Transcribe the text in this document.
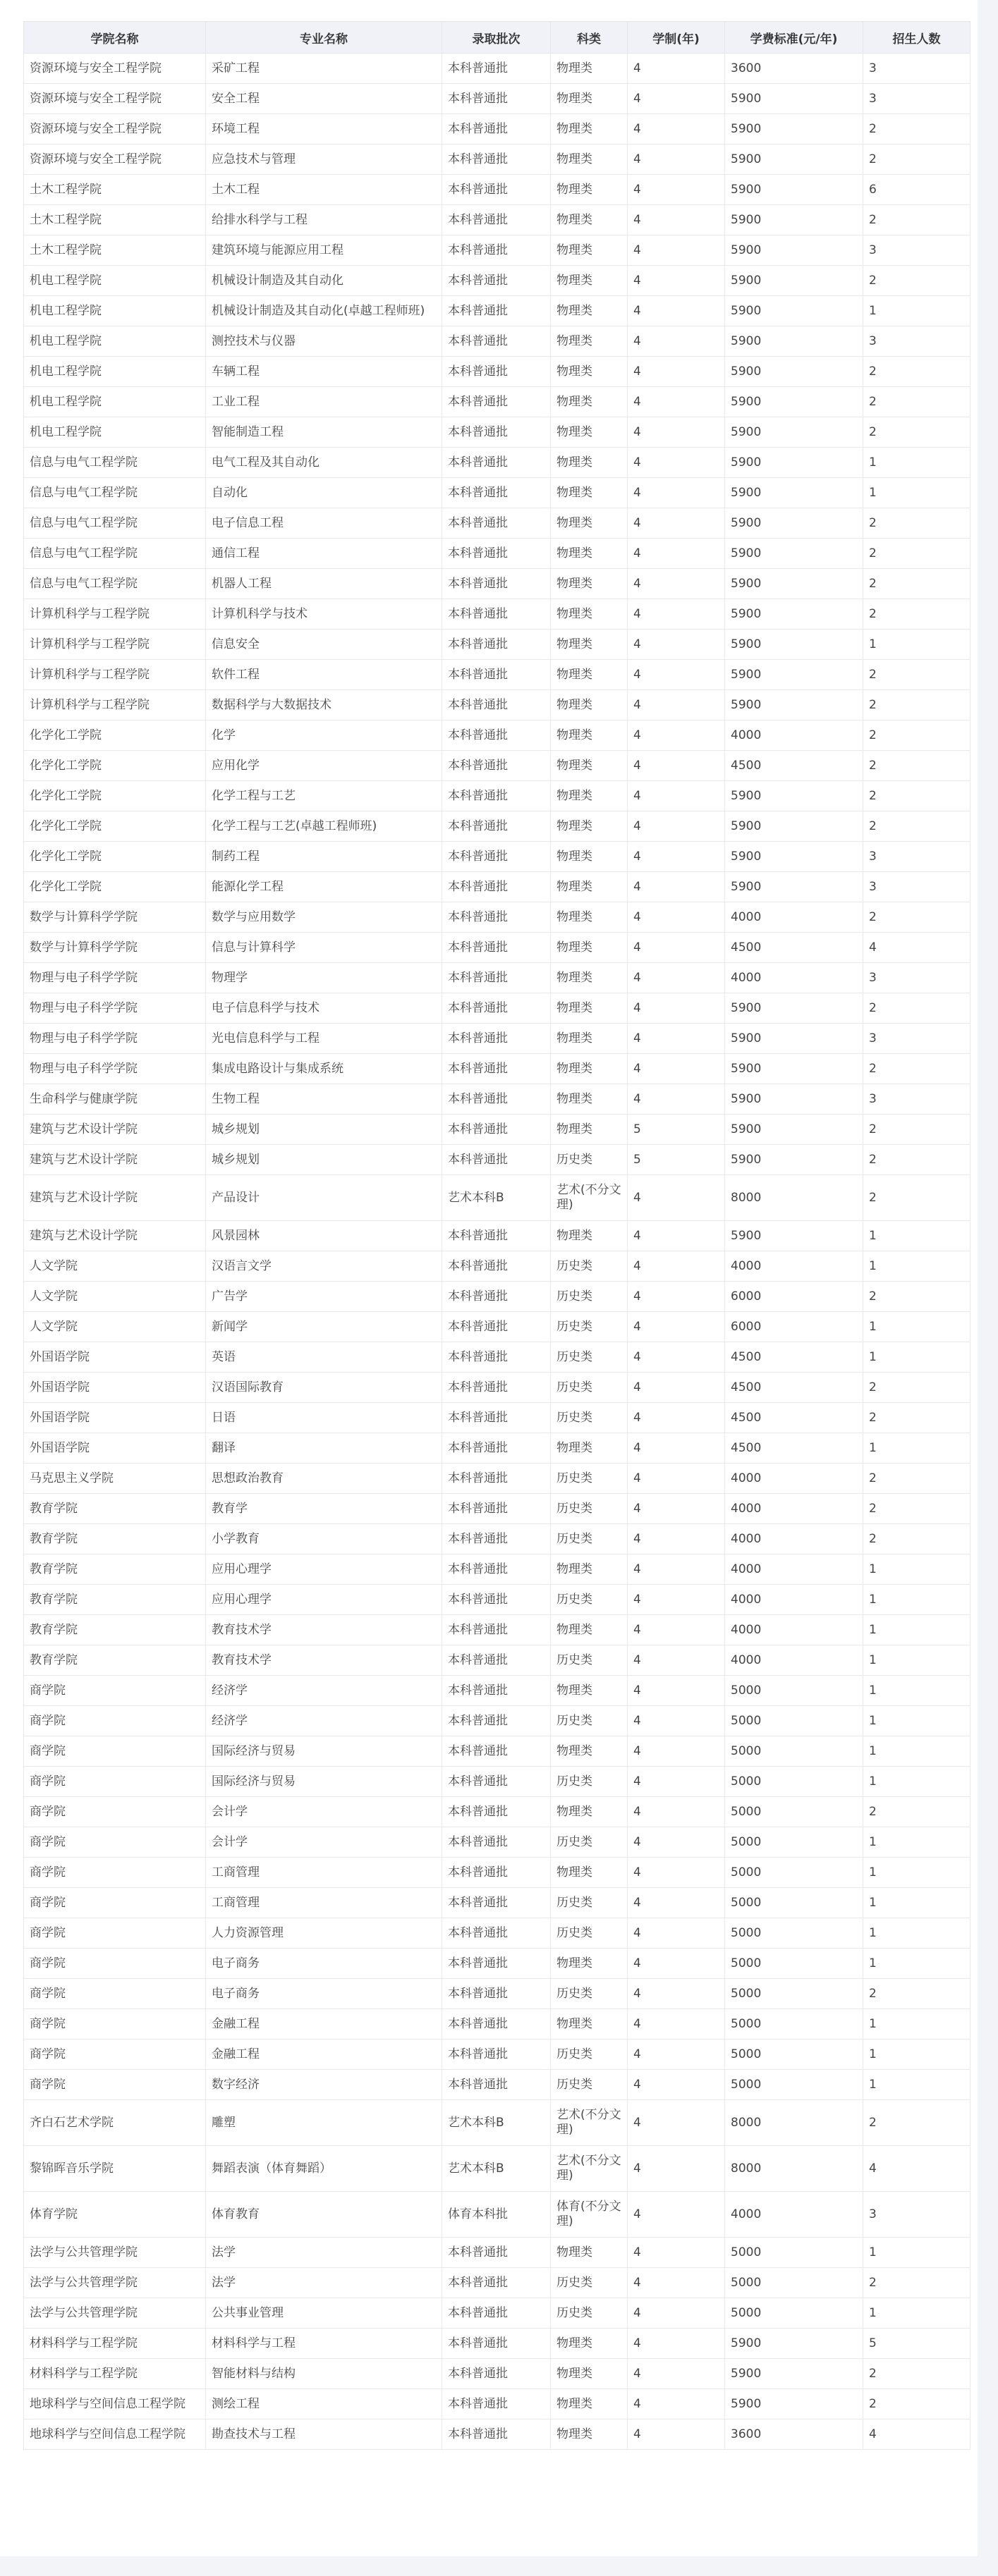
学院名称	专业名称	录取批次	科类	学制(年)	学费标准(元/年)	招生人数
资源环境与安全工程学院	采矿工程	本科普通批	物理类	4	3600	3
资源环境与安全工程学院	安全工程	本科普通批	物理类	4	5900	3
资源环境与安全工程学院	环境工程	本科普通批	物理类	4	5900	2
资源环境与安全工程学院	应急技术与管理	本科普通批	物理类	4	5900	2
土木工程学院	土木工程	本科普通批	物理类	4	5900	6
土木工程学院	给排水科学与工程	本科普通批	物理类	4	5900	2
土木工程学院	建筑环境与能源应用工程	本科普通批	物理类	4	5900	3
机电工程学院	机械设计制造及其自动化	本科普通批	物理类	4	5900	2
机电工程学院	机械设计制造及其自动化(卓越工程师班)	本科普通批	物理类	4	5900	1
机电工程学院	测控技术与仪器	本科普通批	物理类	4	5900	3
机电工程学院	车辆工程	本科普通批	物理类	4	5900	2
机电工程学院	工业工程	本科普通批	物理类	4	5900	2
机电工程学院	智能制造工程	本科普通批	物理类	4	5900	2
信息与电气工程学院	电气工程及其自动化	本科普通批	物理类	4	5900	1
信息与电气工程学院	自动化	本科普通批	物理类	4	5900	1
信息与电气工程学院	电子信息工程	本科普通批	物理类	4	5900	2
信息与电气工程学院	通信工程	本科普通批	物理类	4	5900	2
信息与电气工程学院	机器人工程	本科普通批	物理类	4	5900	2
计算机科学与工程学院	计算机科学与技术	本科普通批	物理类	4	5900	2
计算机科学与工程学院	信息安全	本科普通批	物理类	4	5900	1
计算机科学与工程学院	软件工程	本科普通批	物理类	4	5900	2
计算机科学与工程学院	数据科学与大数据技术	本科普通批	物理类	4	5900	2
化学化工学院	化学	本科普通批	物理类	4	4000	2
化学化工学院	应用化学	本科普通批	物理类	4	4500	2
化学化工学院	化学工程与工艺	本科普通批	物理类	4	5900	2
化学化工学院	化学工程与工艺(卓越工程师班)	本科普通批	物理类	4	5900	2
化学化工学院	制药工程	本科普通批	物理类	4	5900	3
化学化工学院	能源化学工程	本科普通批	物理类	4	5900	3
数学与计算科学学院	数学与应用数学	本科普通批	物理类	4	4000	2
数学与计算科学学院	信息与计算科学	本科普通批	物理类	4	4500	4
物理与电子科学学院	物理学	本科普通批	物理类	4	4000	3
物理与电子科学学院	电子信息科学与技术	本科普通批	物理类	4	5900	2
物理与电子科学学院	光电信息科学与工程	本科普通批	物理类	4	5900	3
物理与电子科学学院	集成电路设计与集成系统	本科普通批	物理类	4	5900	2
生命科学与健康学院	生物工程	本科普通批	物理类	4	5900	3
建筑与艺术设计学院	城乡规划	本科普通批	物理类	5	5900	2
建筑与艺术设计学院	城乡规划	本科普通批	历史类	5	5900	2
建筑与艺术设计学院	产品设计	艺术本科B	艺术(不分文理)	4	8000	2
建筑与艺术设计学院	风景园林	本科普通批	物理类	4	5900	1
人文学院	汉语言文学	本科普通批	历史类	4	4000	1
人文学院	广告学	本科普通批	历史类	4	6000	2
人文学院	新闻学	本科普通批	历史类	4	6000	1
外国语学院	英语	本科普通批	历史类	4	4500	1
外国语学院	汉语国际教育	本科普通批	历史类	4	4500	2
外国语学院	日语	本科普通批	历史类	4	4500	2
外国语学院	翻译	本科普通批	物理类	4	4500	1
马克思主义学院	思想政治教育	本科普通批	历史类	4	4000	2
教育学院	教育学	本科普通批	历史类	4	4000	2
教育学院	小学教育	本科普通批	历史类	4	4000	2
教育学院	应用心理学	本科普通批	物理类	4	4000	1
教育学院	应用心理学	本科普通批	历史类	4	4000	1
教育学院	教育技术学	本科普通批	物理类	4	4000	1
教育学院	教育技术学	本科普通批	历史类	4	4000	1
商学院	经济学	本科普通批	物理类	4	5000	1
商学院	经济学	本科普通批	历史类	4	5000	1
商学院	国际经济与贸易	本科普通批	物理类	4	5000	1
商学院	国际经济与贸易	本科普通批	历史类	4	5000	1
商学院	会计学	本科普通批	物理类	4	5000	2
商学院	会计学	本科普通批	历史类	4	5000	1
商学院	工商管理	本科普通批	物理类	4	5000	1
商学院	工商管理	本科普通批	历史类	4	5000	1
商学院	人力资源管理	本科普通批	历史类	4	5000	1
商学院	电子商务	本科普通批	物理类	4	5000	1
商学院	电子商务	本科普通批	历史类	4	5000	2
商学院	金融工程	本科普通批	物理类	4	5000	1
商学院	金融工程	本科普通批	历史类	4	5000	1
商学院	数字经济	本科普通批	历史类	4	5000	1
齐白石艺术学院	雕塑	艺术本科B	艺术(不分文理)	4	8000	2
黎锦晖音乐学院	舞蹈表演（体育舞蹈）	艺术本科B	艺术(不分文理)	4	8000	4
体育学院	体育教育	体育本科批	体育(不分文理)	4	4000	3
法学与公共管理学院	法学	本科普通批	物理类	4	5000	1
法学与公共管理学院	法学	本科普通批	历史类	4	5000	2
法学与公共管理学院	公共事业管理	本科普通批	历史类	4	5000	1
材料科学与工程学院	材料科学与工程	本科普通批	物理类	4	5900	5
材料科学与工程学院	智能材料与结构	本科普通批	物理类	4	5900	2
地球科学与空间信息工程学院	测绘工程	本科普通批	物理类	4	5900	2
地球科学与空间信息工程学院	勘查技术与工程	本科普通批	物理类	4	3600	4
